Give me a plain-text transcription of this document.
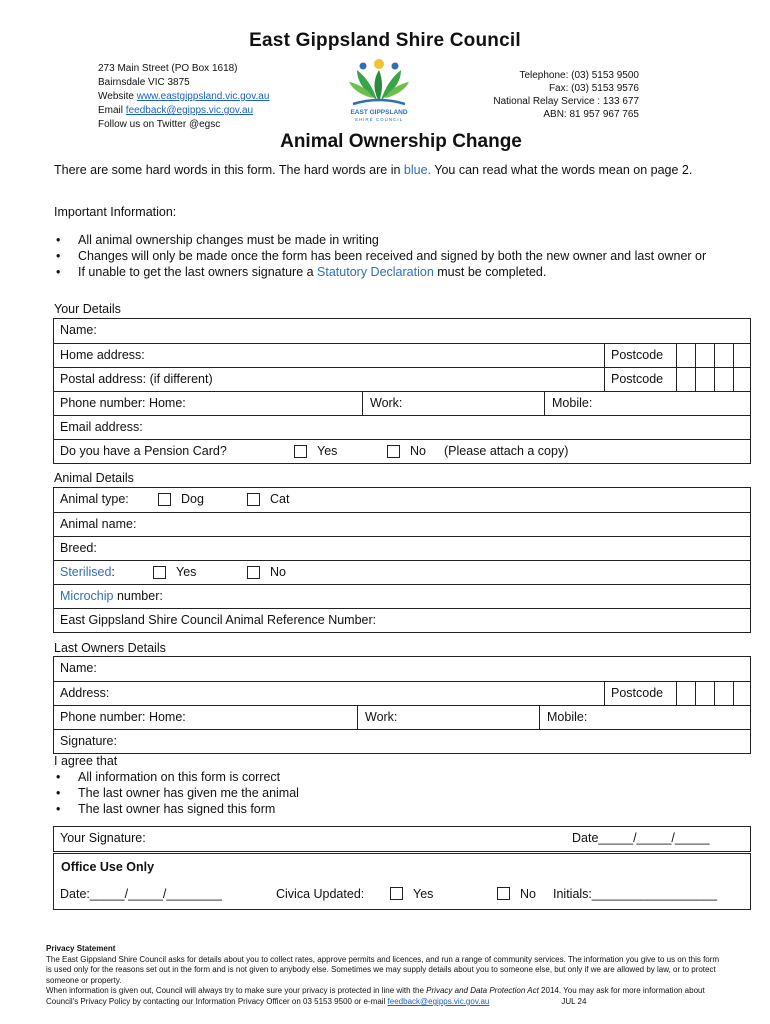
East Gippsland Shire Council
273 Main Street (PO Box 1618)
Bairnsdale VIC 3875
Website www.eastgippsland.vic.gov.au
Email feedback@egipps.vic.gov.au
Follow us on Twitter @egsc
EAST GIPPSLAND
SHIRE COUNCIL
Telephone: (03) 5153 9500
Fax: (03) 5153 9576
National Relay Service : 133 677
ABN: 81 957 967 765
Animal Ownership Change
There are some hard words in this form. The hard words are in blue. You can read what the words mean on page 2.
Important Information:
• All animal ownership changes must be made in writing
• Changes will only be made once the form has been received and signed by both the new owner and last owner or
• If unable to get the last owners signature a Statutory Declaration must be completed.
Your Details
Name:
Home address:	Postcode
Postal address: (if different)	Postcode
Phone number: Home:	Work:	Mobile:
Email address:
Do you have a Pension Card?	Yes	No (Please attach a copy)
Animal Details
Animal type:	Dog	Cat
Animal name:
Breed:
Sterilised:	Yes	No
Microchip number:
East Gippsland Shire Council Animal Reference Number:
Last Owners Details
Name:
Address:	Postcode
Phone number: Home:	Work:	Mobile:
Signature:
I agree that
• All information on this form is correct
• The last owner has given me the animal
• The last owner has signed this form
Your Signature:	Date_____/_____/_____
Office Use Only
Date:_____/_____/________	Civica Updated:	Yes	No Initials:__________________
Privacy Statement
The East Gippsland Shire Council asks for details about you to collect rates, approve permits and licences, and run a range of community services. The information you give to us on this form is used only for the reasons set out in the form and is not given to anybody else. Sometimes we may supply details about you to someone else, but only if we are allowed by law, or to protect someone or property.
When information is given out, Council will always try to make sure your privacy is protected in line with the Privacy and Data Protection Act 2014. You may ask for more information about Council's Privacy Policy by contacting our Information Privacy Officer on 03 5153 9500 or e-mail feedback@egipps.vic.gov.au	JUL 24
